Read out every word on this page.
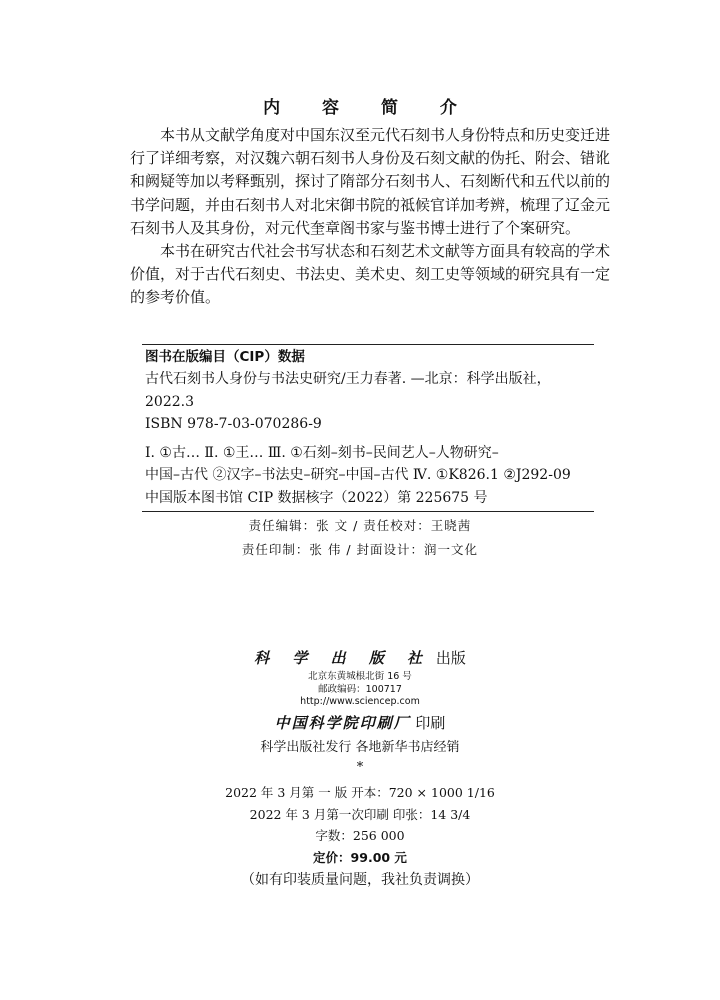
内 容 简 介

本书从文献学角度对中国东汉至元代石刻书人身份特点和历史变迁进行了详细考察，对汉魏六朝石刻书人身份及石刻文献的伪托、附会、错讹和阙疑等加以考释甄别，探讨了隋部分石刻书人、石刻断代和五代以前的书学问题，并由石刻书人对北宋御书院的祗候官详加考辨，梳理了辽金元石刻书人及其身份，对元代奎章阁书家与鉴书博士进行了个案研究。

本书在研究古代社会书写状态和石刻艺术文献等方面具有较高的学术价值，对于古代石刻史、书法史、美术史、刻工史等领域的研究具有一定的参考价值。

图书在版编目（CIP）数据
古代石刻书人身份与书法史研究/王力春著. —北京：科学出版社，
2022.3
ISBN 978-7-03-070286-9
Ⅰ. ①古… Ⅱ. ①王… Ⅲ. ①石刻–刻书–民间艺人–人物研究–
中国–古代 ②汉字–书法史–研究–中国–古代 Ⅳ. ①K826.1 ②J292-09
中国版本图书馆 CIP 数据核字（2022）第 225675 号
责任编辑：张 文 / 责任校对：王晓茜
责任印制：张 伟 / 封面设计：润一文化
科 学 出 版 社 出版
北京东黄城根北街 16 号
邮政编码：100717
http://www.sciencep.com
中国科学院印刷厂 印刷
科学出版社发行 各地新华书店经销
*
2022 年 3 月第 一 版 开本：720 × 1000 1/16
2022 年 3 月第一次印刷 印张：14 3/4
字数：256 000
定价：99.00 元
（如有印装质量问题，我社负责调换）
